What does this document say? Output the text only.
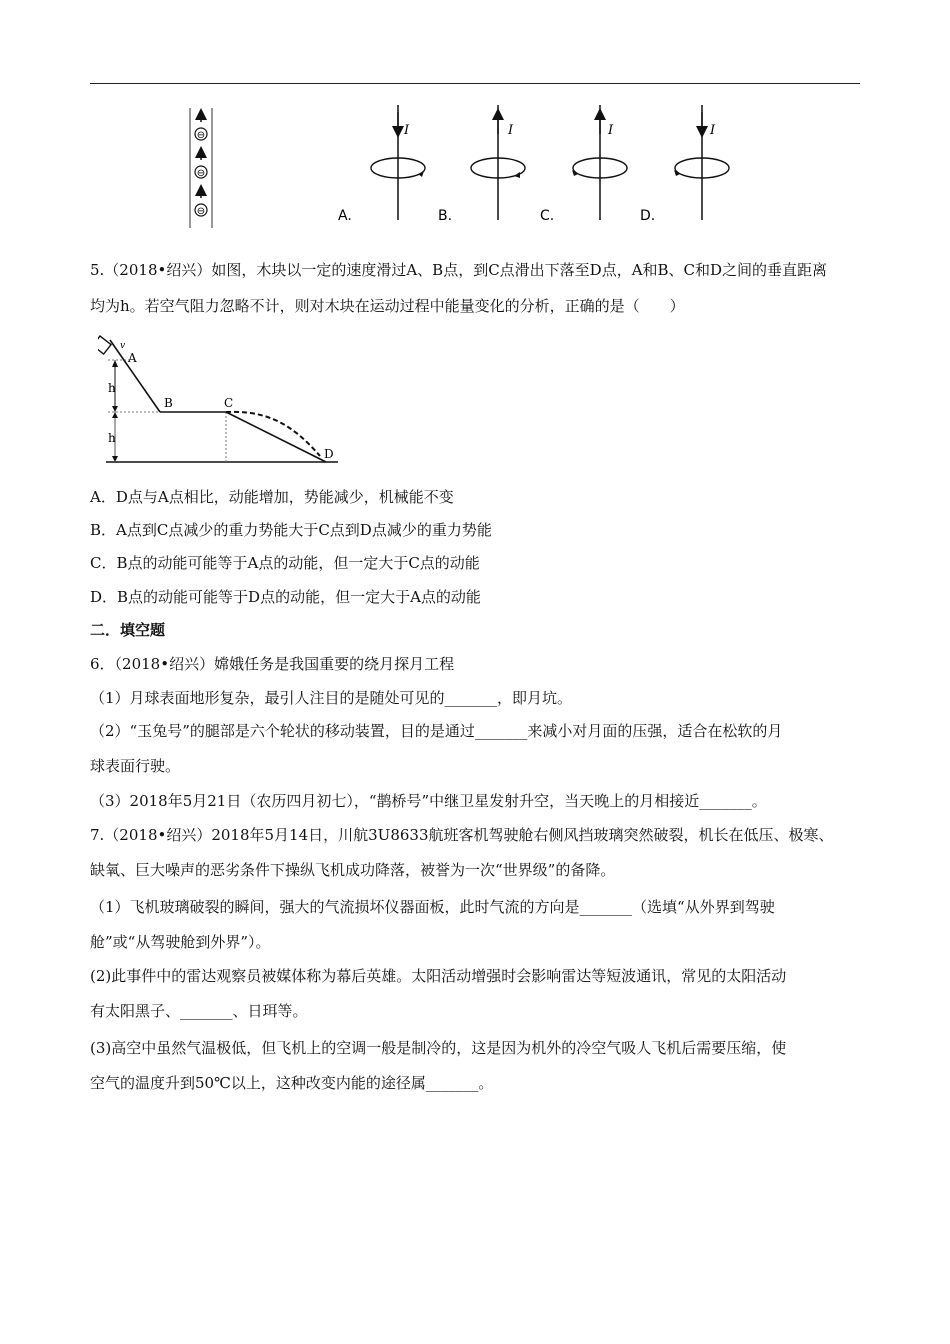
⊖
⊖
⊖
I
A.
I
B.
I
C.
I
D.
5.（2018•绍兴）如图，木块以一定的速度滑过A、B点，到C点滑出下落至D点，A和B、C和D之间的垂直距离
均为h。若空气阻力忽略不计，则对木块在运动过程中能量变化的分析，正确的是（　　）
h
h
v
A
B	C
D
A．D点与A点相比，动能增加，势能减少，机械能不变
B．A点到C点减少的重力势能大于C点到D点减少的重力势能
C．B点的动能可能等于A点的动能，但一定大于C点的动能
D．B点的动能可能等于D点的动能，但一定大于A点的动能
二．填空题
6．（2018•绍兴）嫦娥任务是我国重要的绕月探月工程
（1）月球表面地形复杂，最引人注目的是随处可见的_______，即月坑。
（2）“玉兔号”的腿部是六个轮状的移动装置，目的是通过_______来减小对月面的压强，适合在松软的月
球表面行驶。
（3）2018年5月21日（农历四月初七），“鹊桥号”中继卫星发射升空，当天晚上的月相接近_______。
7.（2018•绍兴）2018年5月14日，川航3U8633航班客机驾驶舱右侧风挡玻璃突然破裂，机长在低压、极寒、
缺氧、巨大噪声的恶劣条件下操纵飞机成功降落，被誉为一次“世界级”的备降。
（1）飞机玻璃破裂的瞬间，强大的气流损坏仪器面板，此时气流的方向是_______（选填“从外界到驾驶
舱”或“从驾驶舱到外界”）。
(2)此事件中的雷达观察员被媒体称为幕后英雄。太阳活动增强时会影响雷达等短波通讯，常见的太阳活动
有太阳黑子、_______、日珥等。
(3)高空中虽然气温极低，但飞机上的空调一般是制冷的，这是因为机外的冷空气吸人飞机后需要压缩，使
空气的温度升到50℃以上，这种改变内能的途径属_______。
